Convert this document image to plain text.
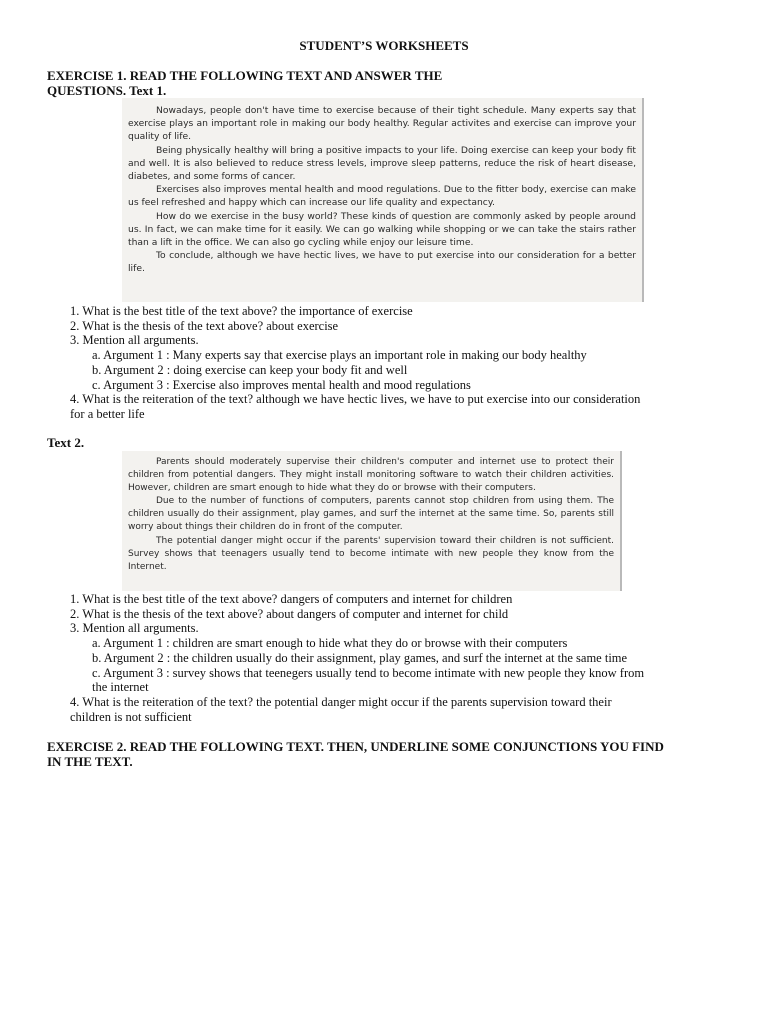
STUDENT’S WORKSHEETS
EXERCISE 1. READ THE FOLLOWING TEXT AND ANSWER THE
QUESTIONS. Text 1.

Nowadays, people don't have time to exercise because of their tight schedule. Many experts say that exercise plays an important role in making our body healthy. Regular activites and exercise can improve your quality of life.

Being physically healthy will bring a positive impacts to your life. Doing exercise can keep your body fit and well. It is also believed to reduce stress levels, improve sleep patterns, reduce the risk of heart disease, diabetes, and some forms of cancer.

Exercises also improves mental health and mood regulations. Due to the fitter body, exercise can make us feel refreshed and happy which can increase our life quality and expectancy.

How do we exercise in the busy world? These kinds of question are commonly asked by people around us. In fact, we can make time for it easily. We can go walking while shopping or we can take the stairs rather than a lift in the office. We can also go cycling while enjoy our leisure time.

To conclude, although we have hectic lives, we have to put exercise into our consideration for a better life.

1. What is the best title of the text above? the importance of exercise
2. What is the thesis of the text above? about exercise
3. Mention all arguments.
a. Argument 1 : Many experts say that exercise plays an important role in making our body healthy
b. Argument 2 : doing exercise can keep your body fit and well
c. Argument 3 : Exercise also improves mental health and mood regulations
4. What is the reiteration of the text? although we have hectic lives, we have to put exercise into our consideration
for a better life
Text 2.

Parents should moderately supervise their children's computer and internet use to protect their children from potential dangers. They might install monitoring software to watch their children activities. However, children are smart enough to hide what they do or browse with their computers.

Due to the number of functions of computers, parents cannot stop children from using them. The children usually do their assignment, play games, and surf the internet at the same time. So, parents still worry about things their children do in front of the computer.

The potential danger might occur if the parents' supervision toward their children is not sufficient. Survey shows that teenagers usually tend to become intimate with new people they know from the Internet.

1. What is the best title of the text above? dangers of computers and internet for children
2. What is the thesis of the text above? about dangers of computer and internet for child
3. Mention all arguments.
a. Argument 1 : children are smart enough to hide what they do or browse with their computers
b. Argument 2 : the children usually do their assignment, play games, and surf the internet at the same time
c. Argument 3 : survey shows that teenegers usually tend to become intimate with new people they know from
the internet
4. What is the reiteration of the text? the potential danger might occur if the parents supervision toward their
children is not sufficient
EXERCISE 2. READ THE FOLLOWING TEXT. THEN, UNDERLINE SOME CONJUNCTIONS YOU FIND
IN THE TEXT.
